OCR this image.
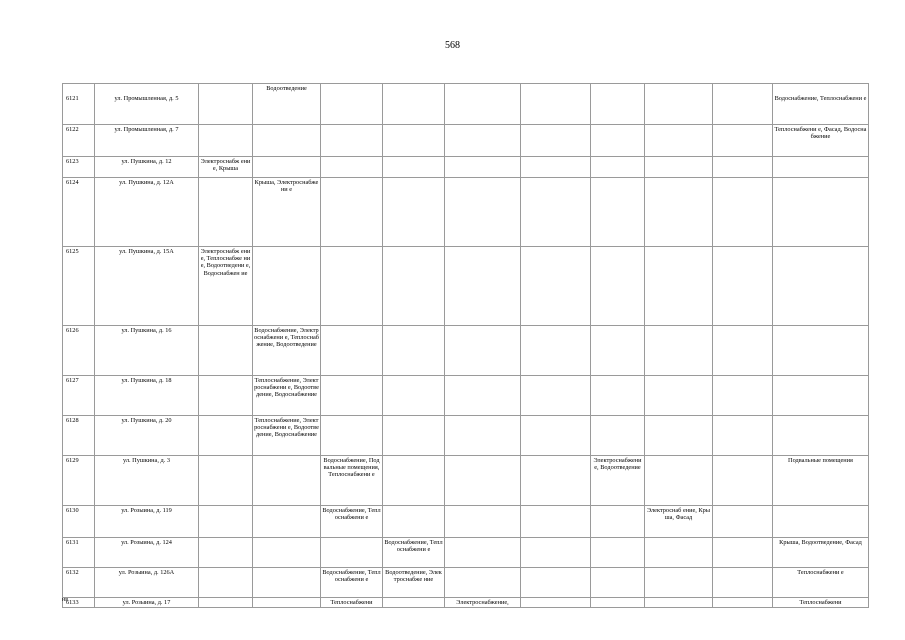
568
6121	ул. Промышленная, д. 5		Водоотведение								Водоснабжение, Теплоснабжени е	
6122	ул. Промышленная, д. 7										Теплоснабжени е, Фасад, Водоснабжение	
6123	ул. Пушкина, д. 12	Электроснабж ение, Крыша										
6124	ул. Пушкина, д. 12А		Крыша, Электроснабжени е									
6125	ул. Пушкина, д. 15А	Электроснабж ение, Теплоснабже ние, Водоотведени е, Водоснабжен ие										
6126	ул. Пушкина, д. 16		Водоснабжение, Электроснабжени е, Теплоснабжение, Водоотведение									
6127	ул. Пушкина, д. 18		Теплоснабжение, Электроснабжени е, Водоотведение, Водоснабжение									
6128	ул. Пушкина, д. 20		Теплоснабжение, Электроснабжени е, Водоотведение, Водоснабжение									
6129	ул. Пушкина, д. 3			Водоснабжение, Подвальные помещения, Теплоснабжени е				Электроснабжени е, Водоотведение			Подвальные помещения	
6130	ул. Розыина, д. 119			Водоснабжение, Теплоснабжени е					Электроснаб ение, Крыша, Фасад			
6131	ул. Розыина, д. 124				Водоснабжение, Теплоснабжени е						Крыша, Водоотведение, Фасад	
6132	ул. Розыина, д. 126А			Водоснабжение, Теплоснабжени е	Водоотведение, Электроснабже ние						Теплоснабжени е	
6133	ул. Розыина, д. 17			Теплоснабжени		Электроснабжение,					Теплоснабжени	
нв
